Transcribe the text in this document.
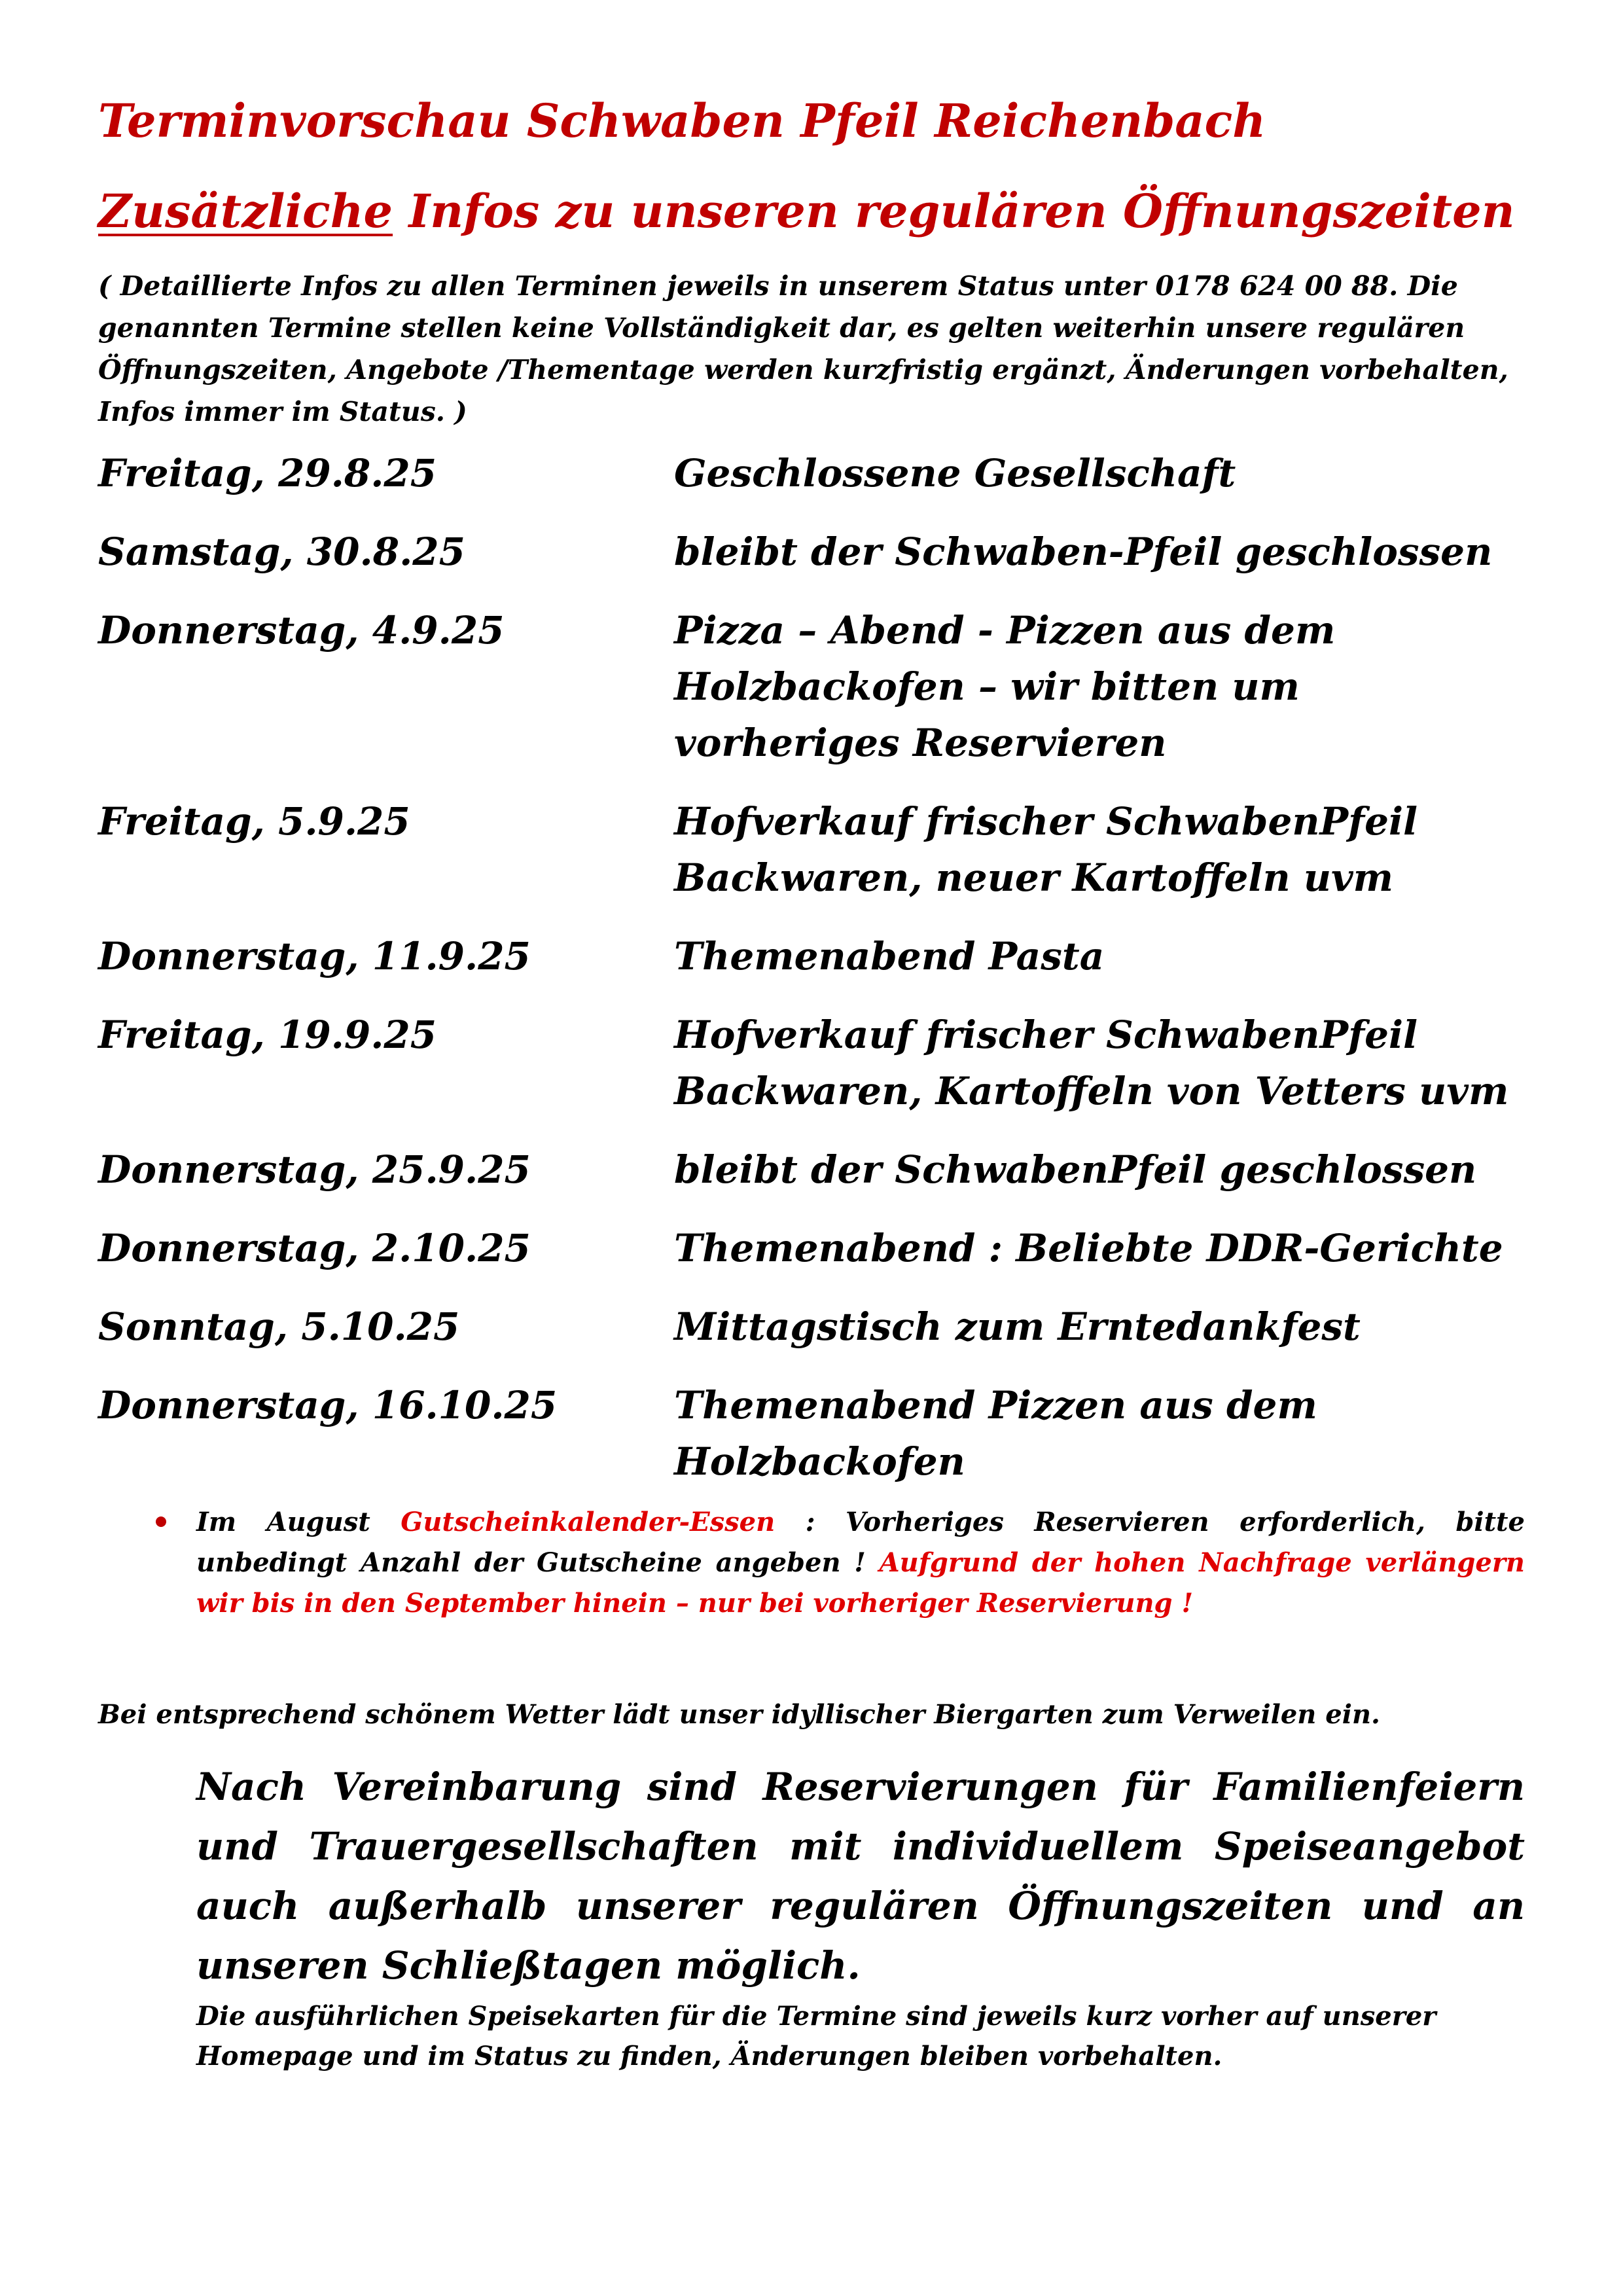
Terminvorschau Schwaben Pfeil Reichenbach
Zusätzliche Infos zu unseren regulären Öffnungszeiten
( Detaillierte Infos zu allen Terminen jeweils in unserem Status unter 0178 624 00 88. Die genannten Termine stellen keine Vollständigkeit dar, es gelten weiterhin unsere regulären Öffnungszeiten, Angebote /Thementage werden kurzfristig ergänzt, Änderungen vorbehalten, Infos immer im Status. )
Freitag, 29.8.25	Geschlossene Gesellschaft
Samstag, 30.8.25	bleibt der Schwaben-Pfeil geschlossen
Donnerstag, 4.9.25	Pizza – Abend - Pizzen aus dem Holzbackofen – wir bitten um vorheriges Reservieren
Freitag, 5.9.25	Hofverkauf frischer SchwabenPfeil Backwaren, neuer Kartoffeln uvm
Donnerstag, 11.9.25	Themenabend Pasta
Freitag, 19.9.25	Hofverkauf frischer SchwabenPfeil Backwaren, Kartoffeln von Vetters uvm
Donnerstag, 25.9.25	bleibt der SchwabenPfeil geschlossen
Donnerstag, 2.10.25	Themenabend : Beliebte DDR-Gerichte
Sonntag, 5.10.25	Mittagstisch zum Erntedankfest
Donnerstag, 16.10.25	Themenabend Pizzen aus dem Holzbackofen
Im August Gutscheinkalender-Essen : Vorheriges Reservieren erforderlich, bitte unbedingt Anzahl der Gutscheine angeben ! Aufgrund der hohen Nachfrage verlängern wir bis in den September hinein – nur bei vorheriger Reservierung !
Bei entsprechend schönem Wetter lädt unser idyllischer Biergarten zum Verweilen ein.
Nach Vereinbarung sind Reservierungen für Familienfeiern und Trauergesellschaften mit individuellem Speiseangebot auch außerhalb unserer regulären Öffnungszeiten und an unseren Schließtagen möglich.
Die ausführlichen Speisekarten für die Termine sind jeweils kurz vorher auf unserer Homepage und im Status zu finden, Änderungen bleiben vorbehalten.
